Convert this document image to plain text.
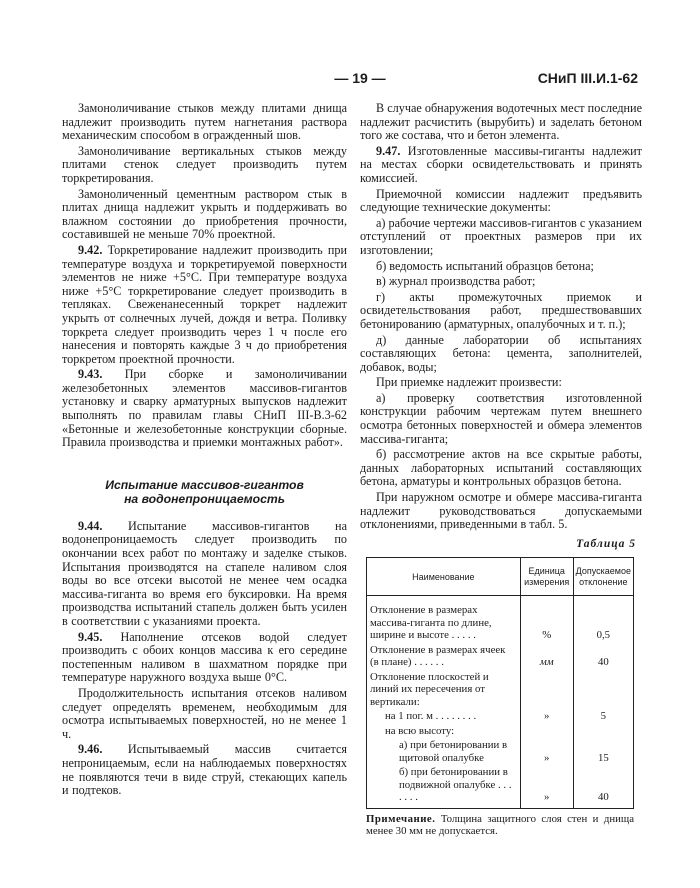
— 19 —	СНиП III.И.1-62

Замоноличивание стыков между плитами днища надлежит производить путем нагнетания раствора механическим способом в огражденный шов.

Замоноличивание вертикальных стыков между плитами стенок следует производить путем торкретирования.

Замоноличенный цементным раствором стык в плитах днища надлежит укрыть и поддерживать во влажном состоянии до приобретения прочности, составившей не меньше 70% проектной.

9.42. Торкретирование надлежит производить при температуре воздуха и торкретируемой поверхности элементов не ниже +5°С. При температуре воздуха ниже +5°С торкретирование следует производить в тепляках. Свеженанесенный торкрет надлежит укрыть от солнечных лучей, дождя и ветра. Поливку торкрета следует производить через 1 ч после его нанесения и повторять каждые 3 ч до приобретения торкретом проектной прочности.

9.43. При сборке и замоноличивании железобетонных элементов массивов-гигантов установку и сварку арматурных выпусков надлежит выполнять по правилам главы СНиП III-В.3-62 «Бетонные и железобетонные конструкции сборные. Правила производства и приемки монтажных работ».

Испытание массивов-гигантов
на водонепроницаемость

9.44. Испытание массивов-гигантов на водонепроницаемость следует производить по окончании всех работ по монтажу и заделке стыков. Испытания производятся на стапеле наливом слоя воды во все отсеки высотой не менее чем осадка массива-гиганта во время его буксировки. На время производства испытаний стапель должен быть усилен в соответствии с указаниями проекта.

9.45. Наполнение отсеков водой следует производить с обоих концов массива к его середине постепенным наливом в шахматном порядке при температуре наружного воздуха выше 0°С.

Продолжительность испытания отсеков наливом следует определять временем, необходимым для осмотра испытываемых поверхностей, но не менее 1 ч.

9.46. Испытываемый массив считается непроницаемым, если на наблюдаемых поверхностях не появляются течи в виде струй, стекающих капель и подтеков.

В случае обнаружения водотечных мест последние надлежит расчистить (вырубить) и заделать бетоном того же состава, что и бетон элемента.

9.47. Изготовленные массивы-гиганты надлежит на местах сборки освидетельствовать и принять комиссией.

Приемочной комиссии надлежит предъявить следующие технические документы:

а) рабочие чертежи массивов-гигантов с указанием отступлений от проектных размеров при их изготовлении;

б) ведомость испытаний образцов бетона;

в) журнал производства работ;

г) акты промежуточных приемок и освидетельствования работ, предшествовавших бетонированию (арматурных, опалубочных и т. п.);

д) данные лаборатории об испытаниях составляющих бетона: цемента, заполнителей, добавок, воды;

При приемке надлежит произвести:

а) проверку соответствия изготовленной конструкции рабочим чертежам путем внешнего осмотра бетонных поверхностей и обмера элементов массива-гиганта;

б) рассмотрение актов на все скрытые работы, данных лабораторных испытаний составляющих бетона, арматуры и контрольных образцов бетона.

При наружном осмотре и обмере массива-гиганта надлежит руководствоваться допускаемыми отклонениями, приведенными в табл. 5.

Таблица 5
Наименование	Единица измерения	Допускаемое отклонение
Отклонение в размерах массива-гиганта по длине, ширине и высоте . . . . .	%	0,5
Отклонение в размерах ячеек (в плане) . . . . . .	мм	40
Отклонение плоскостей и линий их пересечения от вертикали:		
на 1 пог. м . . . . . . . .	»	5
на всю высоту:		
а) при бетонировании в щитовой опалубке	»	15
б) при бетонировании в подвижной опалубке . . . . . . .	»	40
Примечание. Толщина защитного слоя стен и днища менее 30 мм не допускается.
